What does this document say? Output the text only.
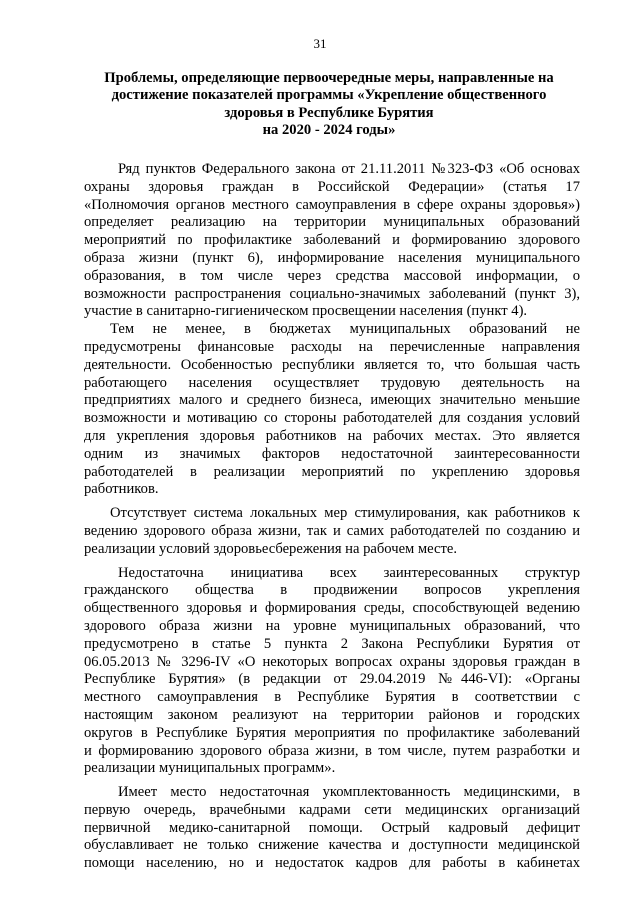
31
Проблемы, определяющие первоочередные меры, направленные на
достижение показателей программы «Укрепление общественного
здоровья в Республике Бурятия
на 2020 - 2024 годы»
Ряд пунктов Федерального закона от 21.11.2011 №323-ФЗ «Об основах
охраны здоровья граждан в Российской Федерации» (статья 17
«Полномочия органов местного самоуправления в сфере охраны здоровья»)
определяет реализацию на территории муниципальных образований
мероприятий по профилактике заболеваний и формированию здорового
образа жизни (пункт 6), информирование населения муниципального
образования, в том числе через средства массовой информации, о
возможности распространения социально-значимых заболеваний (пункт 3),
участие в санитарно-гигиеническом просвещении населения (пункт 4).
Тем не менее, в бюджетах муниципальных образований не
предусмотрены финансовые расходы на перечисленные направления
деятельности. Особенностью республики является то, что большая часть
работающего населения осуществляет трудовую деятельность на
предприятиях малого и среднего бизнеса, имеющих значительно меньшие
возможности и мотивацию со стороны работодателей для создания условий
для укрепления здоровья работников на рабочих местах. Это является
одним из значимых факторов недостаточной заинтересованности
работодателей в реализации мероприятий по укреплению здоровья
работников.
Отсутствует система локальных мер стимулирования, как работников к
ведению здорового образа жизни, так и самих работодателей по созданию и
реализации условий здоровьесбережения на рабочем месте.
Недостаточна инициатива всех заинтересованных структур
гражданского общества в продвижении вопросов укрепления
общественного здоровья и формирования среды, способствующей ведению
здорового образа жизни на уровне муниципальных образований, что
предусмотрено в статье 5 пункта 2 Закона Республики Бурятия от
06.05.2013 № 3296-IV «О некоторых вопросах охраны здоровья граждан в
Республике Бурятия» (в редакции от 29.04.2019 №446-VI): «Органы
местного самоуправления в Республике Бурятия в соответствии с
настоящим законом реализуют на территории районов и городских
округов в Республике Бурятия мероприятия по профилактике заболеваний
и формированию здорового образа жизни, в том числе, путем разработки и
реализации муниципальных программ».
Имеет место недостаточная укомплектованность медицинскими, в
первую очередь, врачебными кадрами сети медицинских организаций
первичной медико-санитарной помощи. Острый кадровый дефицит
обуславливает не только снижение качества и доступности медицинской
помощи населению, но и недостаток кадров для работы в кабинетах
